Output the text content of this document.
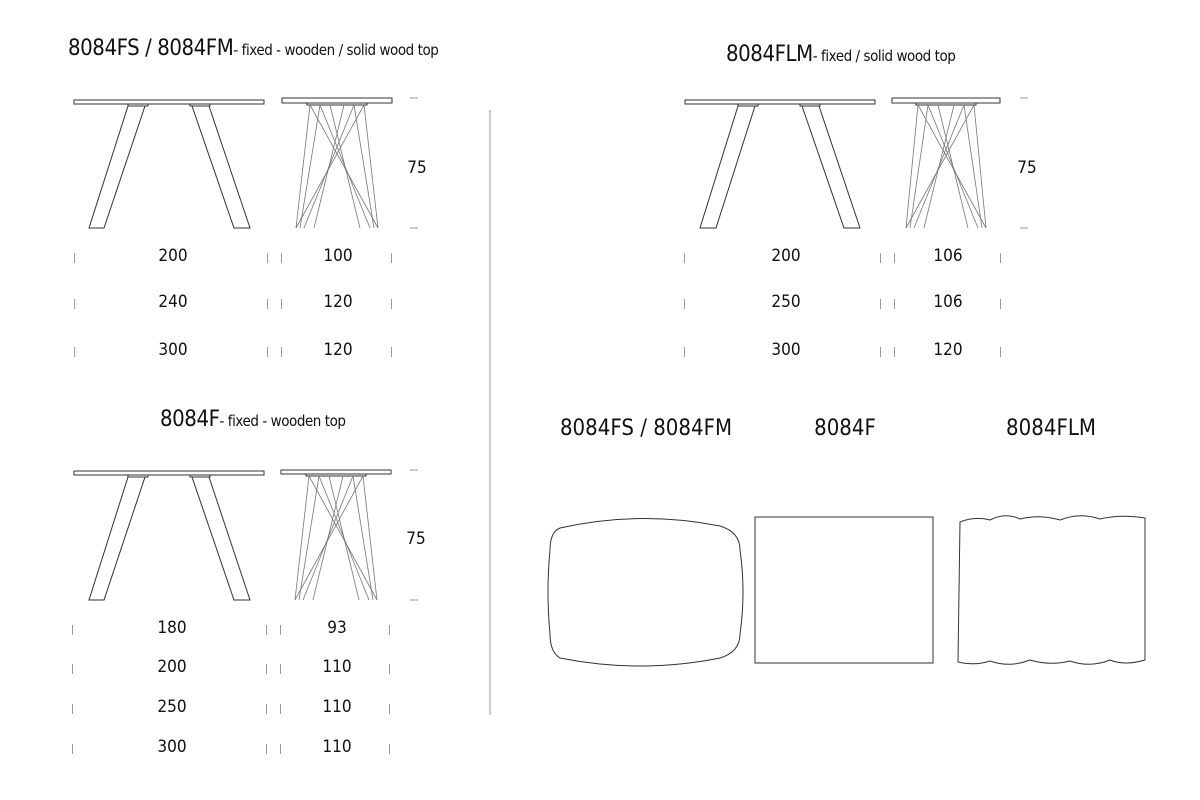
8084FS / 8084FM- fixed - wooden / solid wood top
75
200	100
240	120
300	120
8084FLM- fixed / solid wood top
75
200	106
250	106
300	120
8084F- fixed - wooden top
75
180	93
200	110
250	110
300	110
8084FS / 8084FM	8084F	8084FLM
